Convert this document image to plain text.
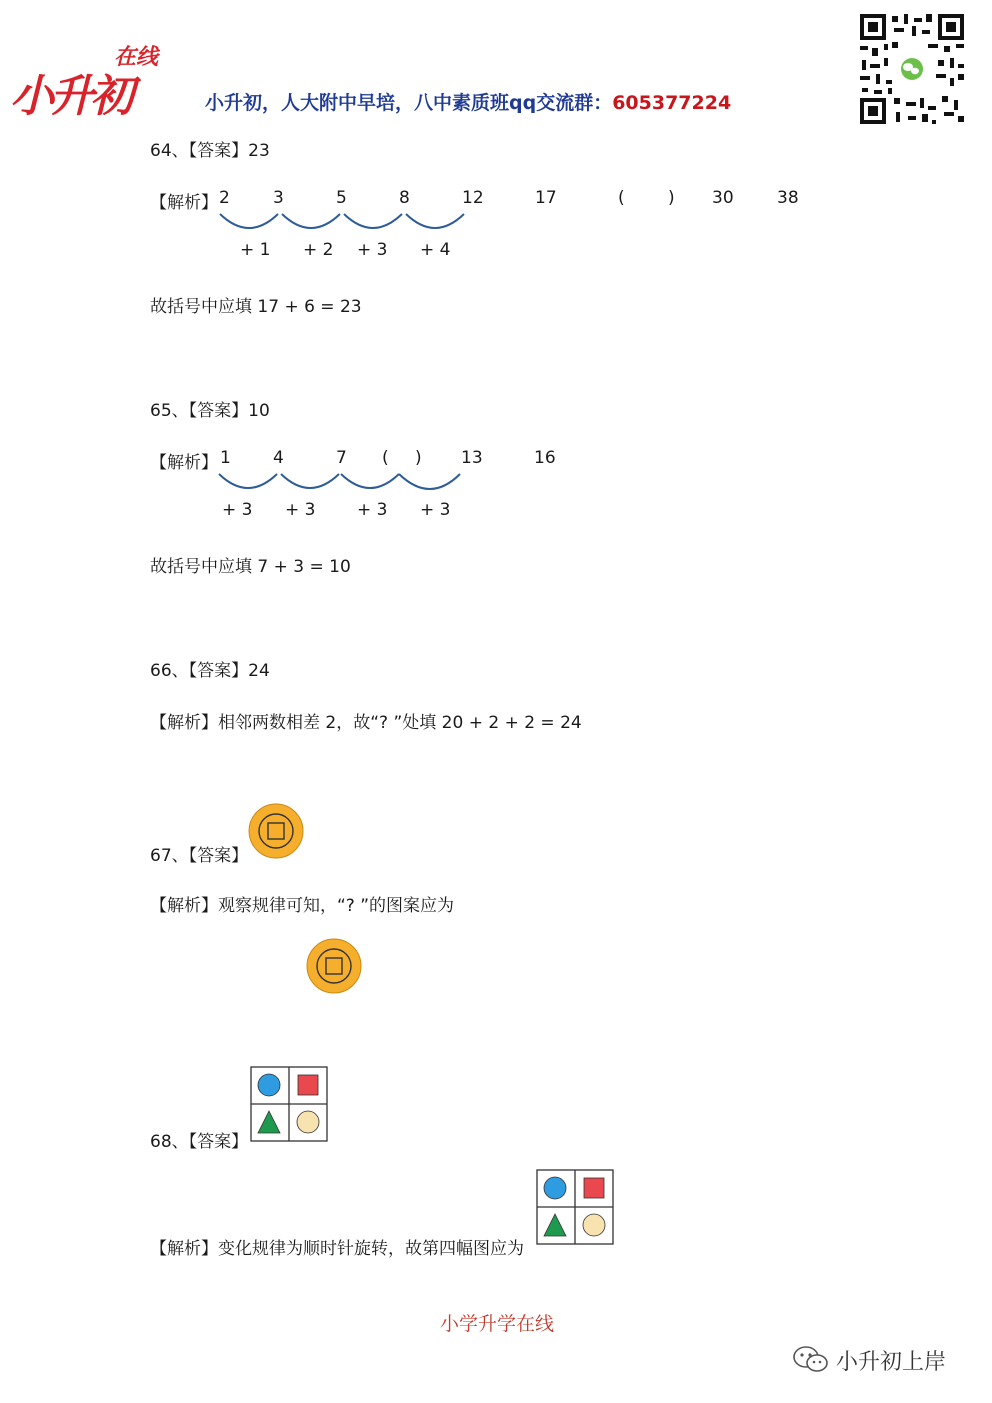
小升初
在线
小升初，人大附中早培，八中素质班qq交流群：605377224
64、【答案】23
【解析】 2	3	5	8	12	17	(	) 30	38
+ 1 + 2 + 3 + 4
故括号中应填 17 + 6 = 23
65、【答案】10
【解析】 1 4	7 ( ) 13	16
+ 3 + 3 + 3 + 3
故括号中应填 7 + 3 = 10
66、【答案】24
【解析】相邻两数相差 2，故“? ”处填 20 + 2 + 2 = 24
67、【答案】
【解析】观察规律可知，“? ”的图案应为
68、【答案】
【解析】变化规律为顺时针旋转，故第四幅图应为
小学升学在线
小升初上岸
